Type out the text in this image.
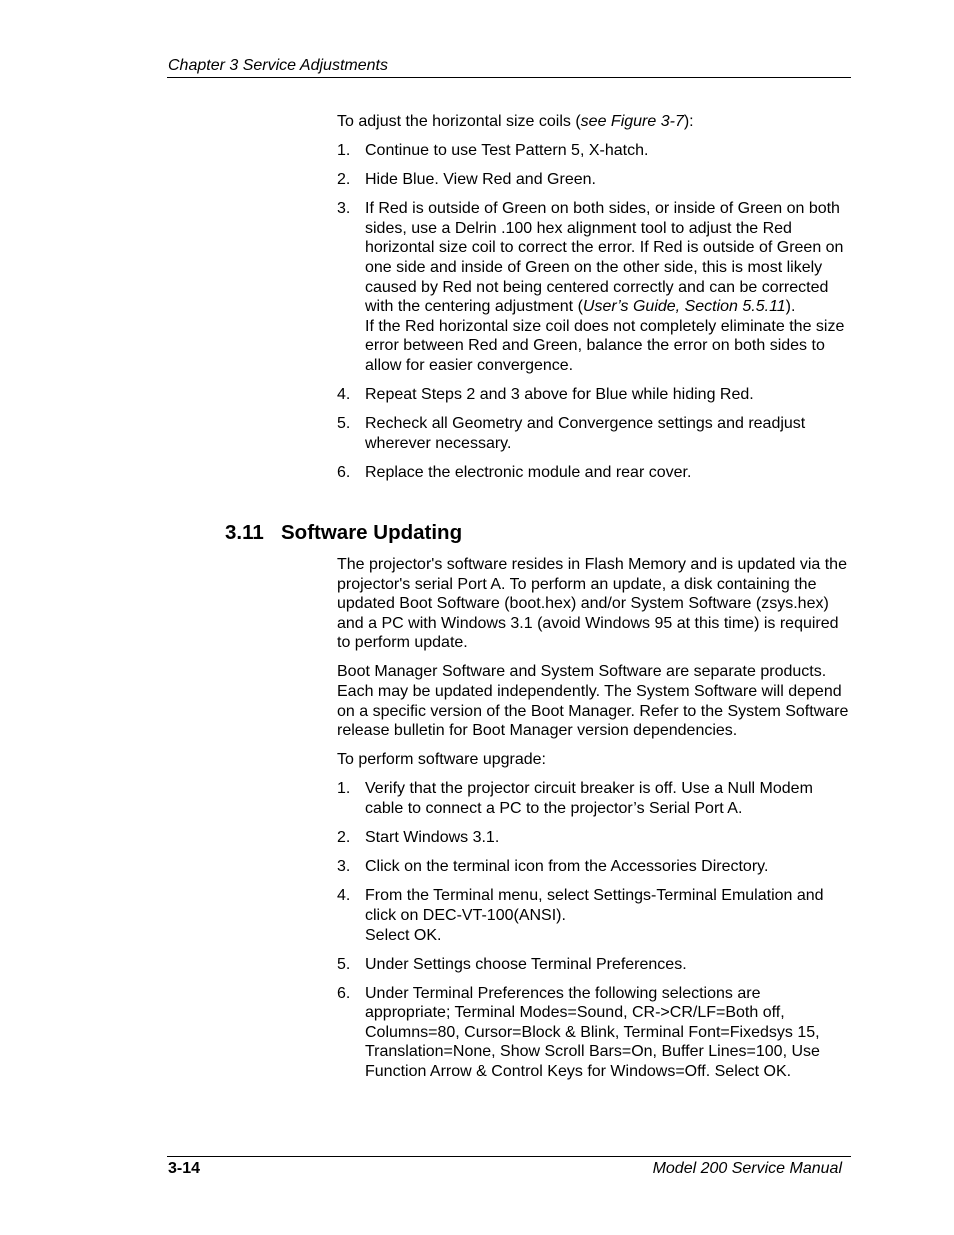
Chapter 3 Service Adjustments

To adjust the horizontal size coils (see Figure 3-7):

1. Continue to use Test Pattern 5, X-hatch.
2. Hide Blue. View Red and Green.
3. If Red is outside of Green on both sides, or inside of Green on both sides, use a Delrin .100 hex alignment tool to adjust the Red horizontal size coil to correct the error. If Red is outside of Green on one side and inside of Green on the other side, this is most likely caused by Red not being centered correctly and can be corrected with the centering adjustment (User’s Guide, Section 5.5.11).
If the Red horizontal size coil does not completely eliminate the size error between Red and Green, balance the error on both sides to allow for easier convergence.
4. Repeat Steps 2 and 3 above for Blue while hiding Red.
5. Recheck all Geometry and Convergence settings and readjust wherever necessary.
6. Replace the electronic module and rear cover.
3.11 Software Updating

The projector's software resides in Flash Memory and is updated via the projector's serial Port A. To perform an update, a disk containing the updated Boot Software (boot.hex) and/or System Software (zsys.hex) and a PC with Windows 3.1 (avoid Windows 95 at this time) is required to perform update.

Boot Manager Software and System Software are separate products. Each may be updated independently. The System Software will depend on a specific version of the Boot Manager. Refer to the System Software release bulletin for Boot Manager version dependencies.

To perform software upgrade:

1. Verify that the projector circuit breaker is off. Use a Null Modem cable to connect a PC to the projector’s Serial Port A.
2. Start Windows 3.1.
3. Click on the terminal icon from the Accessories Directory.
4. From the Terminal menu, select Settings-Terminal Emulation and click on DEC-VT-100(ANSI).
Select OK.
5. Under Settings choose Terminal Preferences.
6. Under Terminal Preferences the following selections are appropriate; Terminal Modes=Sound, CR->CR/LF=Both off, Columns=80, Cursor=Block & Blink, Terminal Font=Fixedsys 15, Translation=None, Show Scroll Bars=On, Buffer Lines=100, Use Function Arrow & Control Keys for Windows=Off. Select OK.
3-14	Model 200 Service Manual
